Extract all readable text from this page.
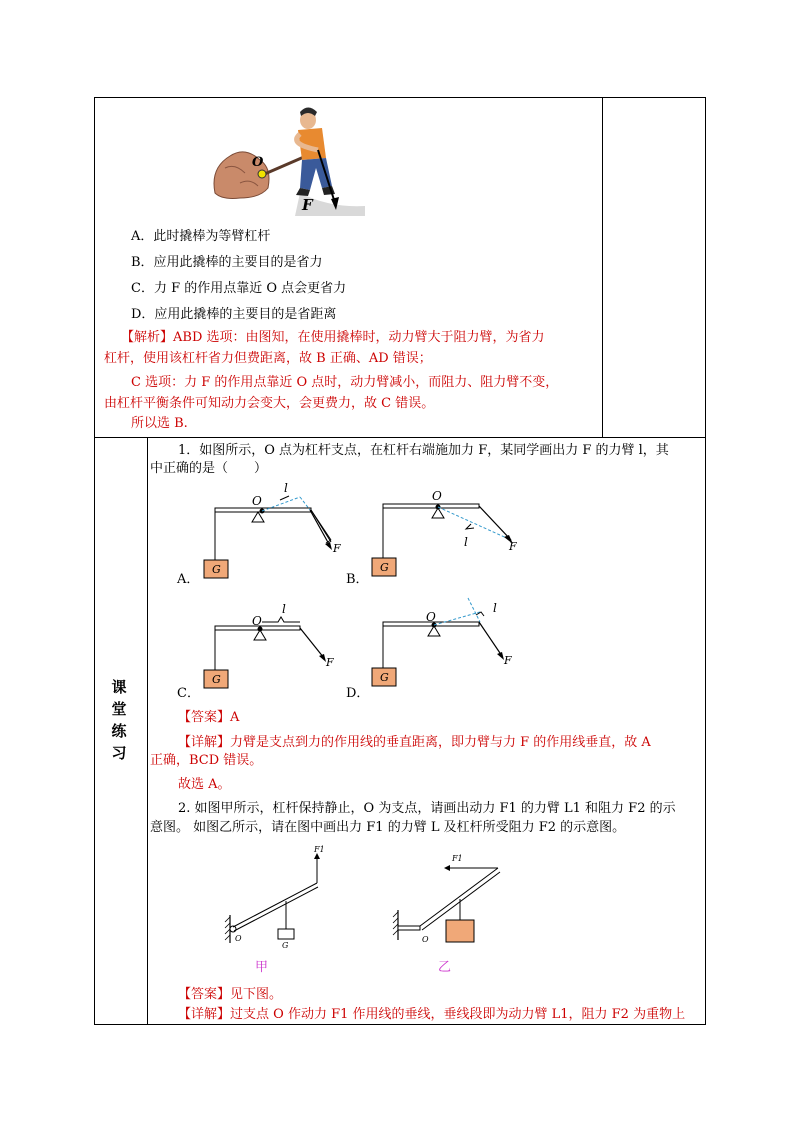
O
F
A．此时撬棒为等臂杠杆
B．应用此撬棒的主要目的是省力
C．力 F 的作用点靠近 O 点会更省力
D．应用此撬棒的主要目的是省距离
【解析】ABD 选项：由图知，在使用撬棒时，动力臂大于阻力臂，为省力
杠杆，使用该杠杆省力但费距离，故 B 正确、AD 错误；
C 选项：力 F 的作用点靠近 O 点时，动力臂减小，而阻力、阻力臂不变，
由杠杆平衡条件可知动力会变大，会更费力，故 C 错误。
所以选 B.
课
堂
练
习
1．如图所示，O 点为杠杆支点，在杠杆右端施加力 F，某同学画出力 F 的力臂 l，其
中正确的是（　　）
O
l
F
G
A．
O
l	F
G
B．
O
l
F
G
C．
O
l
F
G
D．
【答案】A
【详解】力臂是支点到力的作用线的垂直距离，即力臂与力 F 的作用线垂直，故 A
正确，BCD 错误。
故选 A。
2. 如图甲所示，杠杆保持静止，O 为支点，请画出动力 F1 的力臂 L1 和阻力 F2 的示
意图。 如图乙所示，请在图中画出力 F1 的力臂 L 及杠杆所受阻力 F2 的示意图。
F1
O
G
甲
F1
O
乙
【答案】见下图。
【详解】过支点 O 作动力 F1 作用线的垂线，垂线段即为动力臂 L1，阻力 F2 为重物上
